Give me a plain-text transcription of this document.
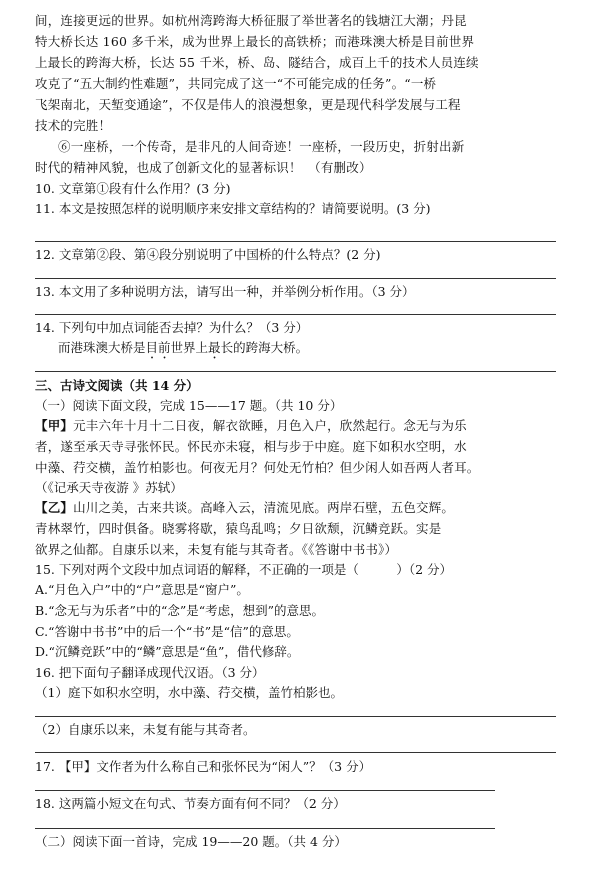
间，连接更远的世界。如杭州湾跨海大桥征服了举世著名的钱塘江大潮；丹昆
特大桥长达 160 多千米，成为世界上最长的高铁桥；而港珠澳大桥是目前世界
上最长的跨海大桥，长达 55 千米，桥、岛、隧结合，成百上千的技术人员连续
攻克了“五大制约性难题”，共同完成了这一“不可能完成的任务”。“一桥
飞架南北，天堑变通途”，不仅是伟人的浪漫想象，更是现代科学发展与工程
技术的完胜！
⑥一座桥，一个传奇，是非凡的人间奇迹！一座桥，一段历史，折射出新
时代的精神风貌，也成了创新文化的显著标识！　（有删改）
10. 文章第①段有什么作用？(3 分)
11. 本文是按照怎样的说明顺序来安排文章结构的？请简要说明。(3 分)
12. 文章第②段、第④段分别说明了中国桥的什么特点？(2 分)
13. 本文用了多种说明方法，请写出一种，并举例分析作用。（3 分）
14. 下列句中加点词能否去掉？为什么？（3 分）
而港珠澳大桥是目前世界上最长的跨海大桥。
三、古诗文阅读（共 14 分）
（一）阅读下面文段，完成 15——17 题。（共 10 分）
【甲】元丰六年十月十二日夜，解衣欲睡，月色入户，欣然起行。念无与为乐
者，遂至承天寺寻张怀民。怀民亦未寝，相与步于中庭。庭下如积水空明，水
中藻、荇交横，盖竹柏影也。何夜无月？何处无竹柏？但少闲人如吾两人者耳。
（《记承天寺夜游 》苏轼）
【乙】山川之美，古来共谈。高峰入云，清流见底。两岸石壁，五色交辉。
青林翠竹，四时俱备。晓雾将歇，猿鸟乱鸣；夕日欲颓，沉鳞竞跃。实是
欲界之仙都。自康乐以来，未复有能与其奇者。《《答谢中书书》）
15. 下列对两个文段中加点词语的解释，不正确的一项是（　　　）（2 分）
A.“月色入户”中的“户”意思是“窗户”。
B.“念无与为乐者”中的“念”是“考虑，想到”的意思。
C.“答谢中书书”中的后一个“书”是“信”的意思。
D.“沉鳞竞跃”中的“鳞”意思是“鱼”，借代修辞。
16. 把下面句子翻译成现代汉语。（3 分）
（1）庭下如积水空明，水中藻、荇交横，盖竹柏影也。
（2）自康乐以来，未复有能与其奇者。
17. 【甲】文作者为什么称自己和张怀民为“闲人”？（3 分）
18. 这两篇小短文在句式、节奏方面有何不同？（2 分）
（二）阅读下面一首诗，完成 19——20 题。（共 4 分）
